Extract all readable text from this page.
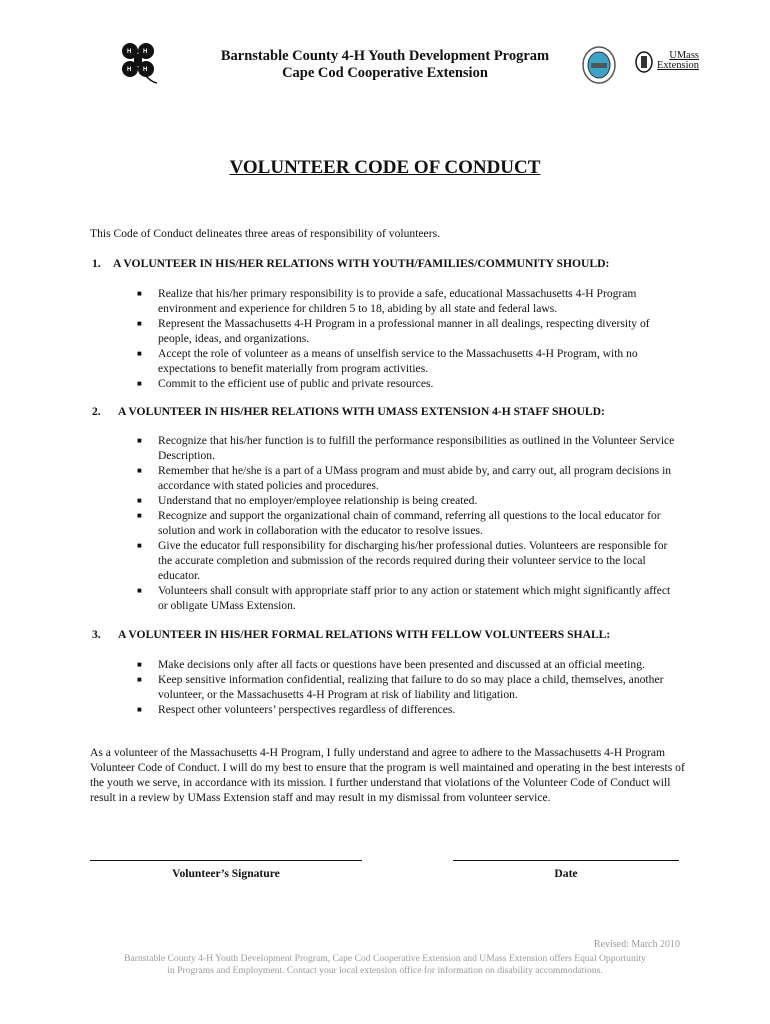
H H
H H
Barnstable County 4-H Youth Development Program
Cape Cod Cooperative Extension
UMass Extension
VOLUNTEER CODE OF CONDUCT
This Code of Conduct delineates three areas of responsibility of volunteers.
1. A VOLUNTEER IN HIS/HER RELATIONS WITH YOUTH/FAMILIES/COMMUNITY SHOULD:
■ Realize that his/her primary responsibility is to provide a safe, educational Massachusetts 4-H Program environment and experience for children 5 to 18, abiding by all state and federal laws.
■ Represent the Massachusetts 4-H Program in a professional manner in all dealings, respecting diversity of people, ideas, and organizations.
■ Accept the role of volunteer as a means of unselfish service to the Massachusetts 4-H Program, with no expectations to benefit materially from program activities.
■ Commit to the efficient use of public and private resources.
2. A VOLUNTEER IN HIS/HER RELATIONS WITH UMASS EXTENSION 4-H STAFF SHOULD:
■ Recognize that his/her function is to fulfill the performance responsibilities as outlined in the Volunteer Service Description.
■ Remember that he/she is a part of a UMass program and must abide by, and carry out, all program decisions in accordance with stated policies and procedures.
■ Understand that no employer/employee relationship is being created.
■ Recognize and support the organizational chain of command, referring all questions to the local educator for solution and work in collaboration with the educator to resolve issues.
■ Give the educator full responsibility for discharging his/her professional duties. Volunteers are responsible for the accurate completion and submission of the records required during their volunteer service to the local educator.
■ Volunteers shall consult with appropriate staff prior to any action or statement which might significantly affect or obligate UMass Extension.
3. A VOLUNTEER IN HIS/HER FORMAL RELATIONS WITH FELLOW VOLUNTEERS SHALL:
■ Make decisions only after all facts or questions have been presented and discussed at an official meeting.
■ Keep sensitive information confidential, realizing that failure to do so may place a child, themselves, another volunteer, or the Massachusetts 4-H Program at risk of liability and litigation.
■ Respect other volunteers’ perspectives regardless of differences.
As a volunteer of the Massachusetts 4-H Program, I fully understand and agree to adhere to the Massachusetts 4-H Program Volunteer Code of Conduct. I will do my best to ensure that the program is well maintained and operating in the best interests of the youth we serve, in accordance with its mission. I further understand that violations of the Volunteer Code of Conduct will result in a review by UMass Extension staff and may result in my dismissal from volunteer service.
Volunteer’s Signature	Date
Revised: March 2010
Barnstable County 4-H Youth Development Program, Cape Cod Cooperative Extension and UMass Extension offers Equal Opportunity
in Programs and Employment. Contact your local extension office for information on disability accommodations.
